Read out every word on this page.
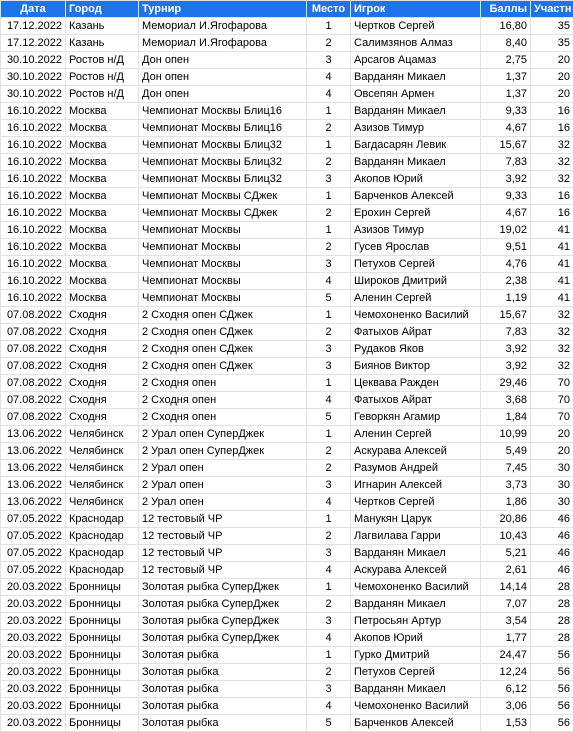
Дата	Город	Турнир	Место	Игрок	Баллы	Участн
17.12.2022	Казань	Мемориал И.Ягофарова	1	Чертков Сергей	16,80	35
17.12.2022	Казань	Мемориал И.Ягофарова	2	Салимзянов Алмаз	8,40	35
30.10.2022	Ростов н/Д	Дон опен	3	Арсагов Ацамаз	2,75	20
30.10.2022	Ростов н/Д	Дон опен	4	Варданян Микаел	1,37	20
30.10.2022	Ростов н/Д	Дон опен	4	Овсепян Армен	1,37	20
16.10.2022	Москва	Чемпионат Москвы Блиц16	1	Варданян Микаел	9,33	16
16.10.2022	Москва	Чемпионат Москвы Блиц16	2	Азизов Тимур	4,67	16
16.10.2022	Москва	Чемпионат Москвы Блиц32	1	Багдасарян Левик	15,67	32
16.10.2022	Москва	Чемпионат Москвы Блиц32	2	Варданян Микаел	7,83	32
16.10.2022	Москва	Чемпионат Москвы Блиц32	3	Акопов Юрий	3,92	32
16.10.2022	Москва	Чемпионат Москвы СДжек	1	Барченков Алексей	9,33	16
16.10.2022	Москва	Чемпионат Москвы СДжек	2	Ерохин Сергей	4,67	16
16.10.2022	Москва	Чемпионат Москвы	1	Азизов Тимур	19,02	41
16.10.2022	Москва	Чемпионат Москвы	2	Гусев Ярослав	9,51	41
16.10.2022	Москва	Чемпионат Москвы	3	Петухов Сергей	4,76	41
16.10.2022	Москва	Чемпионат Москвы	4	Широков Дмитрий	2,38	41
16.10.2022	Москва	Чемпионат Москвы	5	Аленин Сергей	1,19	41
07.08.2022	Сходня	2 Сходня опен СДжек	1	Чемохоненко Василий	15,67	32
07.08.2022	Сходня	2 Сходня опен СДжек	2	Фатыхов Айрат	7,83	32
07.08.2022	Сходня	2 Сходня опен СДжек	3	Рудаков Яков	3,92	32
07.08.2022	Сходня	2 Сходня опен СДжек	3	Биянов Виктор	3,92	32
07.08.2022	Сходня	2 Сходня опен	1	Цеквава Ражден	29,46	70
07.08.2022	Сходня	2 Сходня опен	4	Фатыхов Айрат	3,68	70
07.08.2022	Сходня	2 Сходня опен	5	Геворкян Агамир	1,84	70
13.06.2022	Челябинск	2 Урал опен СуперДжек	1	Аленин Сергей	10,99	20
13.06.2022	Челябинск	2 Урал опен СуперДжек	2	Аскурава Алексей	5,49	20
13.06.2022	Челябинск	2 Урал опен	2	Разумов Андрей	7,45	30
13.06.2022	Челябинск	2 Урал опен	3	Игнарин Алексей	3,73	30
13.06.2022	Челябинск	2 Урал опен	4	Чертков Сергей	1,86	30
07.05.2022	Краснодар	12 тестовый ЧР	1	Манукян Царук	20,86	46
07.05.2022	Краснодар	12 тестовый ЧР	2	Лагвилава Гарри	10,43	46
07.05.2022	Краснодар	12 тестовый ЧР	3	Варданян Микаел	5,21	46
07.05.2022	Краснодар	12 тестовый ЧР	4	Аскурава Алексей	2,61	46
20.03.2022	Бронницы	Золотая рыбка СуперДжек	1	Чемохоненко Василий	14,14	28
20.03.2022	Бронницы	Золотая рыбка СуперДжек	2	Варданян Микаел	7,07	28
20.03.2022	Бронницы	Золотая рыбка СуперДжек	3	Петросьян Артур	3,54	28
20.03.2022	Бронницы	Золотая рыбка СуперДжек	4	Акопов Юрий	1,77	28
20.03.2022	Бронницы	Золотая рыбка	1	Гурко Дмитрий	24,47	56
20.03.2022	Бронницы	Золотая рыбка	2	Петухов Сергей	12,24	56
20.03.2022	Бронницы	Золотая рыбка	3	Варданян Микаел	6,12	56
20.03.2022	Бронницы	Золотая рыбка	4	Чемохоненко Василий	3,06	56
20.03.2022	Бронницы	Золотая рыбка	5	Барченков Алексей	1,53	56
